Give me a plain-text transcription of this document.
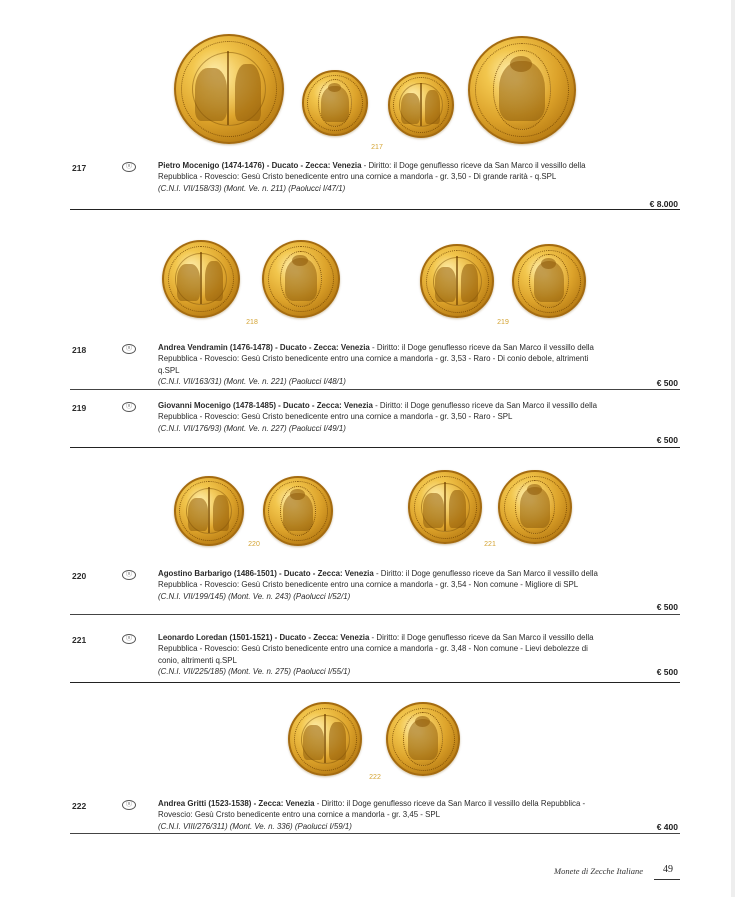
217
218	219
217	ⓝ	Pietro Mocenigo (1474-1476) - Ducato - Zecca: Venezia - Diritto: il Doge genuflesso riceve da San Marco il vessillo della Repubblica - Rovescio: Gesù Cristo benedicente entro una cornice a mandorla - gr. 3,50 - Di grande rarità - q.SPL
(C.N.I. VII/158/33) (Mont. Ve. n. 211) (Paolucci I/47/1)
€ 8.000
218	ⓝ	Andrea Vendramin (1476-1478) - Ducato - Zecca: Venezia - Diritto: il Doge genuflesso riceve da San Marco il vessillo della Repubblica - Rovescio: Gesù Cristo benedicente entro una cornice a mandorla - gr. 3,53 - Raro - Di conio debole, altrimenti q.SPL
(C.N.I. VII/163/31) (Mont. Ve. n. 221) (Paolucci I/48/1)	€ 500
219	ⓝ	Giovanni Mocenigo (1478-1485) - Ducato - Zecca: Venezia - Diritto: il Doge genuflesso riceve da San Marco il vessillo della Repubblica - Rovescio: Gesù Cristo benedicente entro una cornice a mandorla - gr. 3,50 - Raro - SPL
(C.N.I. VII/176/93) (Mont. Ve. n. 227) (Paolucci I/49/1)
€ 500
220	221
220	ⓝ	Agostino Barbarigo (1486-1501) - Ducato - Zecca: Venezia - Diritto: il Doge genuflesso riceve da San Marco il vessillo della Repubblica - Rovescio: Gesù Cristo benedicente entro una cornice a mandorla - gr. 3,54 - Non comune - Migliore di SPL
(C.N.I. VII/199/145) (Mont. Ve. n. 243) (Paolucci I/52/1)
€ 500
221	ⓝ	Leonardo Loredan (1501-1521) - Ducato - Zecca: Venezia - Diritto: il Doge genuflesso riceve da San Marco il vessillo della Repubblica - Rovescio: Gesù Cristo benedicente entro una cornice a mandorla - gr. 3,48 - Non comune - Lievi debolezze di conio, altrimenti q.SPL
(C.N.I. VII/225/185) (Mont. Ve. n. 275) (Paolucci I/55/1)	€ 500
222
222	ⓝ	Andrea Gritti (1523-1538) - Zecca: Venezia - Diritto: il Doge genuflesso riceve da San Marco il vessillo della Repubblica - Rovescio: Gesù Crsto benedicente entro una cornice a mandorla - gr. 3,45 - SPL
(C.N.I. VIII/276/311) (Mont. Ve. n. 336) (Paolucci I/59/1)	€ 400
Monete di Zecche Italiane	49
